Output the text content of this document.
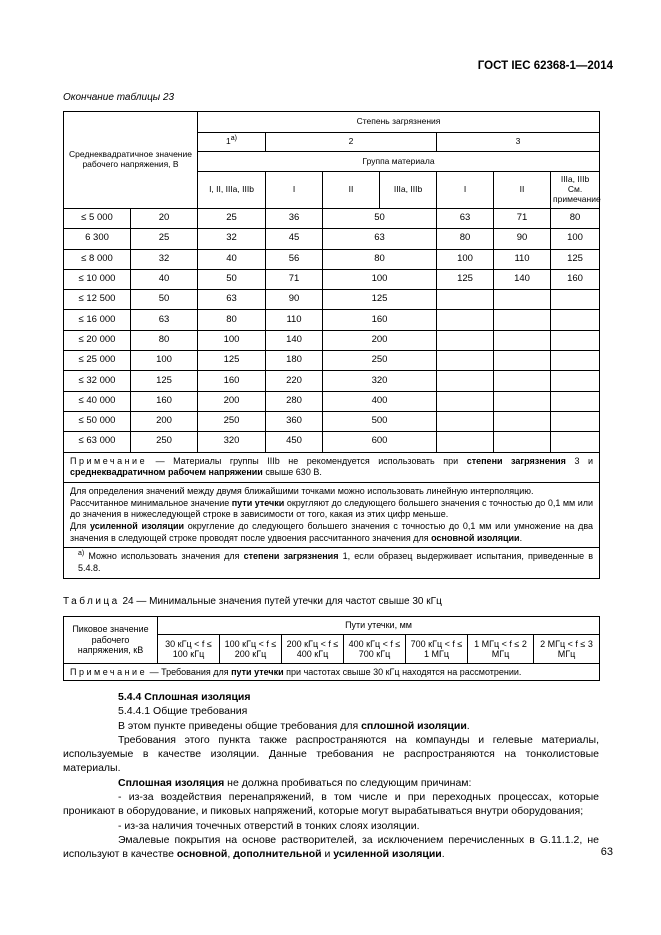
ГОСТ IEC 62368-1—2014
Окончание таблицы 23
Среднеквадратичное значение рабочего напряжения, В		Степень загрязнения						
		1$^{a)}$	2			3		
		Группа материала						
		I, II, IIIa, IIIb	I	II	IIIa, IIIb	I	II	IIIa, IIIb См. примечание
≤ 5 000	20	25	36	50		63	71	80
6 300	25	32	45	63		80	90	100
≤ 8 000	32	40	56	80		100	110	125
≤ 10 000	40	50	71	100		125	140	160
≤ 12 500	50	63	90	125				
≤ 16 000	63	80	110	160				
≤ 20 000	80	100	140	200				
≤ 25 000	100	125	180	250				
≤ 32 000	125	160	220	320				
≤ 40 000	160	200	280	400				
≤ 50 000	200	250	360	500				
≤ 63 000	250	320	450	600				

Примечание — Материалы группы IIIb не рекомендуется использовать при степени загрязнения 3 и среднеквадратичном рабочем напряжении свыше 630 В.								

Для определения значений между двумя ближайшими точками можно использовать линейную интерполяцию.

Рассчитанное минимальное значение пути утечки округляют до следующего большего значения с точностью до 0,1 мм или до значения в нижеследующей строке в зависимости от того, какая из этих цифр меньше.

Для усиленной изоляции округление до следующего большего значения с точностью до 0,1 мм или умножение на два значения в следующей строке проводят после удвоения рассчитанного значения для основной изоляции.								

$^{a)}$ Можно использовать значения для степени загрязнения 1, если образец выдерживает испытания, приведенные в 5.4.8.								

Таблица 24 — Минимальные значения путей утечки для частот свыше 30 кГц
Пиковое значение рабочего напряжения, кВ	Пути утечки, мм						
	30 кГц < f ≤ 100 кГц	100 кГц < f ≤ 200 кГц	200 кГц < f ≤ 400 кГц	400 кГц < f ≤ 700 кГц	700 кГц < f ≤ 1 МГц	1 МГц < f ≤ 2 МГц	2 МГц < f ≤ 3 МГц
Примечание — Требования для пути утечки при частотах свыше 30 кГц находятся на рассмотрении.							

5.4.4 Сплошная изоляция

5.4.4.1 Общие требования

В этом пункте приведены общие требования для сплошной изоляции.

Требования этого пункта также распространяются на компаунды и гелевые материалы, используемые в качестве изоляции. Данные требования не распространяются на тонколистовые материалы.

Сплошная изоляция не должна пробиваться по следующим причинам:

- из-за воздействия перенапряжений, в том числе и при переходных процессах, которые проникают в оборудование, и пиковых напряжений, которые могут вырабатываться внутри оборудования;

- из-за наличия точечных отверстий в тонких слоях изоляции.

Эмалевые покрытия на основе растворителей, за исключением перечисленных в G.11.1.2, не используют в качестве основной, дополнительной и усиленной изоляции.	63
